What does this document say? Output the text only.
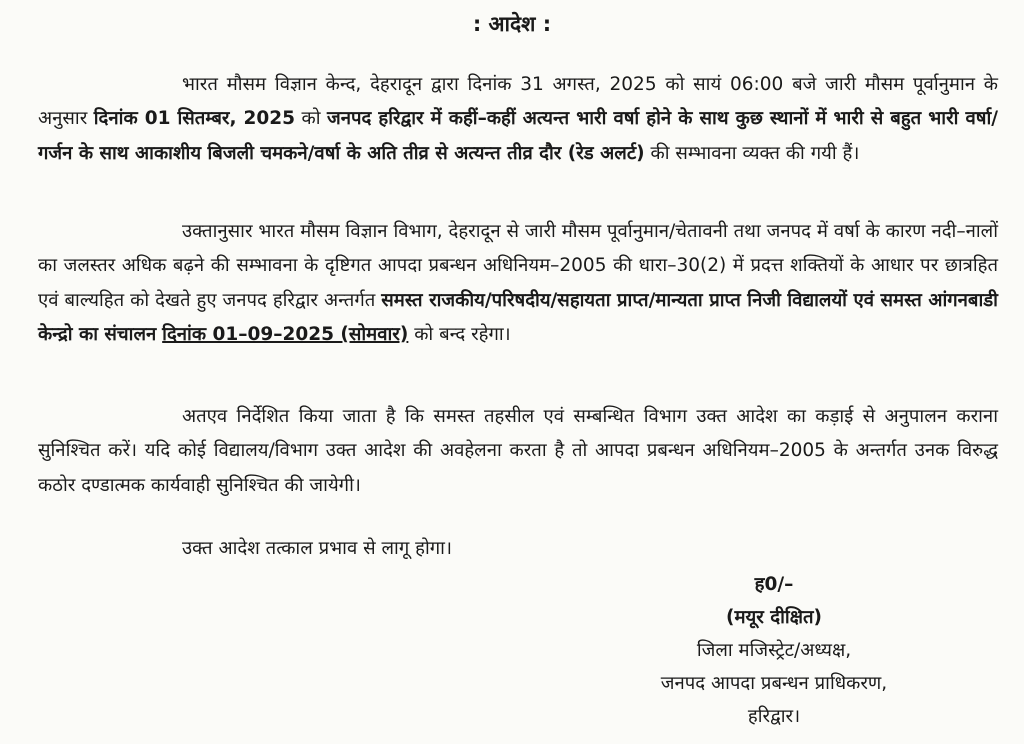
: आदेश :

भारत मौसम विज्ञान केन्द, देहरादून द्वारा दिनांक 31 अगस्त, 2025 को सायं 06:00 बजे जारी मौसम पूर्वानुमान के अनुसार दिनांक 01 सितम्बर, 2025 को जनपद हरिद्वार में कहीं–कहीं अत्यन्त भारी वर्षा होने के साथ कुछ स्थानों में भारी से बहुत भारी वर्षा/गर्जन के साथ आकाशीय बिजली चमकने/वर्षा के अति तीव्र से अत्यन्त तीव्र दौर (रेड अलर्ट) की सम्भावना व्यक्त की गयी हैं।

उक्तानुसार भारत मौसम विज्ञान विभाग, देहरादून से जारी मौसम पूर्वानुमान/चेतावनी तथा जनपद में वर्षा के कारण नदी–नालों का जलस्तर अधिक बढ़ने की सम्भावना के दृष्टिगत आपदा प्रबन्धन अधिनियम–2005 की धारा–30(2) में प्रदत्त शक्तियों के आधार पर छात्रहित एवं बाल्यहित को देखते हुए जनपद हरिद्वार अन्तर्गत समस्त राजकीय/परिषदीय/सहायता प्राप्त/मान्यता प्राप्त निजी विद्यालयों एवं समस्त आंगनबाडी केन्द्रो का संचालन दिनांक 01–09–2025 (सोमवार) को बन्द रहेगा।

अतएव निर्देशित किया जाता है कि समस्त तहसील एवं सम्बन्धित विभाग उक्त आदेश का कड़ाई से अनुपालन कराना सुनिश्चित करें। यदि कोई विद्यालय/विभाग उक्त आदेश की अवहेलना करता है तो आपदा प्रबन्धन अधिनियम–2005 के अन्तर्गत उनक विरुद्ध कठोर दण्डात्मक कार्यवाही सुनिश्चित की जायेगी।

उक्त आदेश तत्काल प्रभाव से लागू होगा।

ह0/–
(मयूर दीक्षित)
जिला मजिस्ट्रेट/अध्यक्ष,
जनपद आपदा प्रबन्धन प्राधिकरण,
हरिद्वार।
